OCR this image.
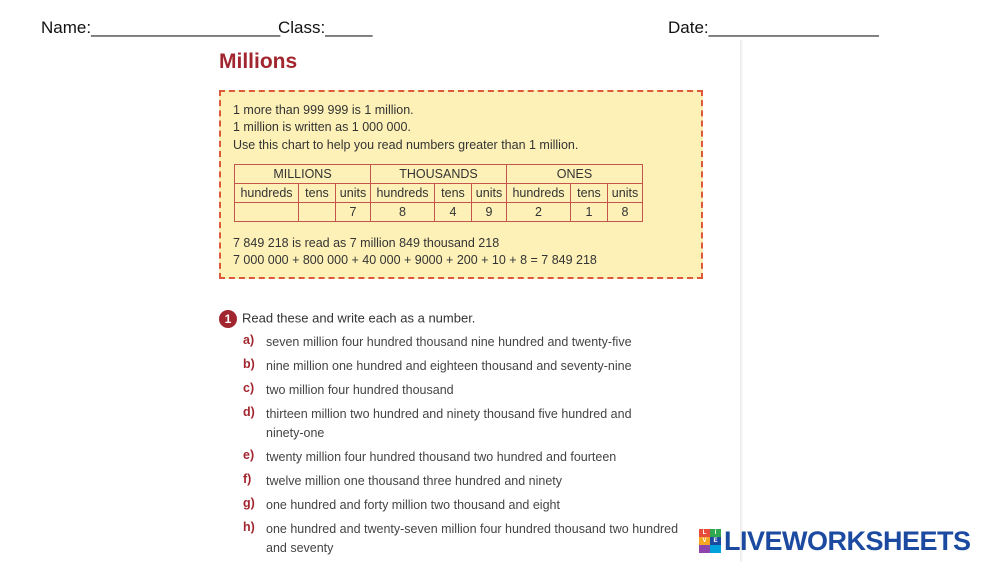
Name:____________________
Class:_____	Date:__________________
Millions
1 more than 999 999 is 1 million.
1 million is written as 1 000 000.
Use this chart to help you read numbers greater than 1 million.
MILLIONS			THOUSANDS			ONES		
hundreds	tens	units	hundreds	tens	units	hundreds	tens	units
		7	8	4	9	2	1	8
7 849 218 is read as 7 million 849 thousand 218
7 000 000 + 800 000 + 40 000 + 9000 + 200 + 10 + 8 = 7 849 218
1 Read these and write each as a number.
a) seven million four hundred thousand nine hundred and twenty-five
b) nine million one hundred and eighteen thousand and seventy-nine
c) two million four hundred thousand
d) thirteen million two hundred and ninety thousand five hundred and
ninety-one
e) twenty million four hundred thousand two hundred and fourteen
f) twelve million one thousand three hundred and ninety
g) one hundred and forty million two thousand and eight
h) one hundred and twenty-seven million four hundred thousand two hundred
and seventy
L	I
V	E LIVEWORKSHEETS
